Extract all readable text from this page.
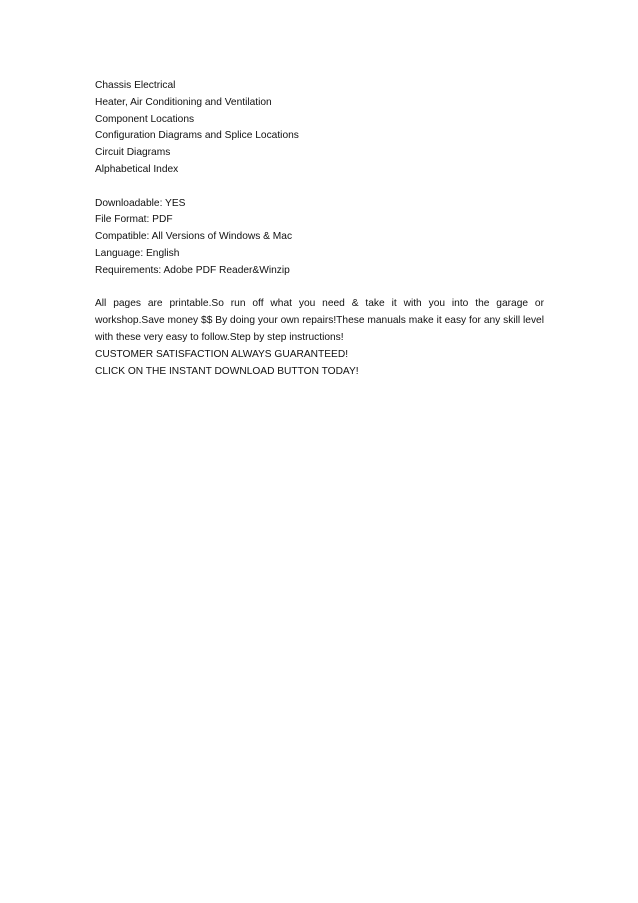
Chassis Electrical
Heater, Air Conditioning and Ventilation
Component Locations
Configuration Diagrams and Splice Locations
Circuit Diagrams
Alphabetical Index
Downloadable: YES
File Format: PDF
Compatible: All Versions of Windows & Mac
Language: English
Requirements: Adobe PDF Reader&Winzip

All pages are printable.So run off what you need & take it with you into the garage or workshop.Save money $$ By doing your own repairs!These manuals make it easy for any skill level with these very easy to follow.Step by step instructions!

CUSTOMER SATISFACTION ALWAYS GUARANTEED!
CLICK ON THE INSTANT DOWNLOAD BUTTON TODAY!
